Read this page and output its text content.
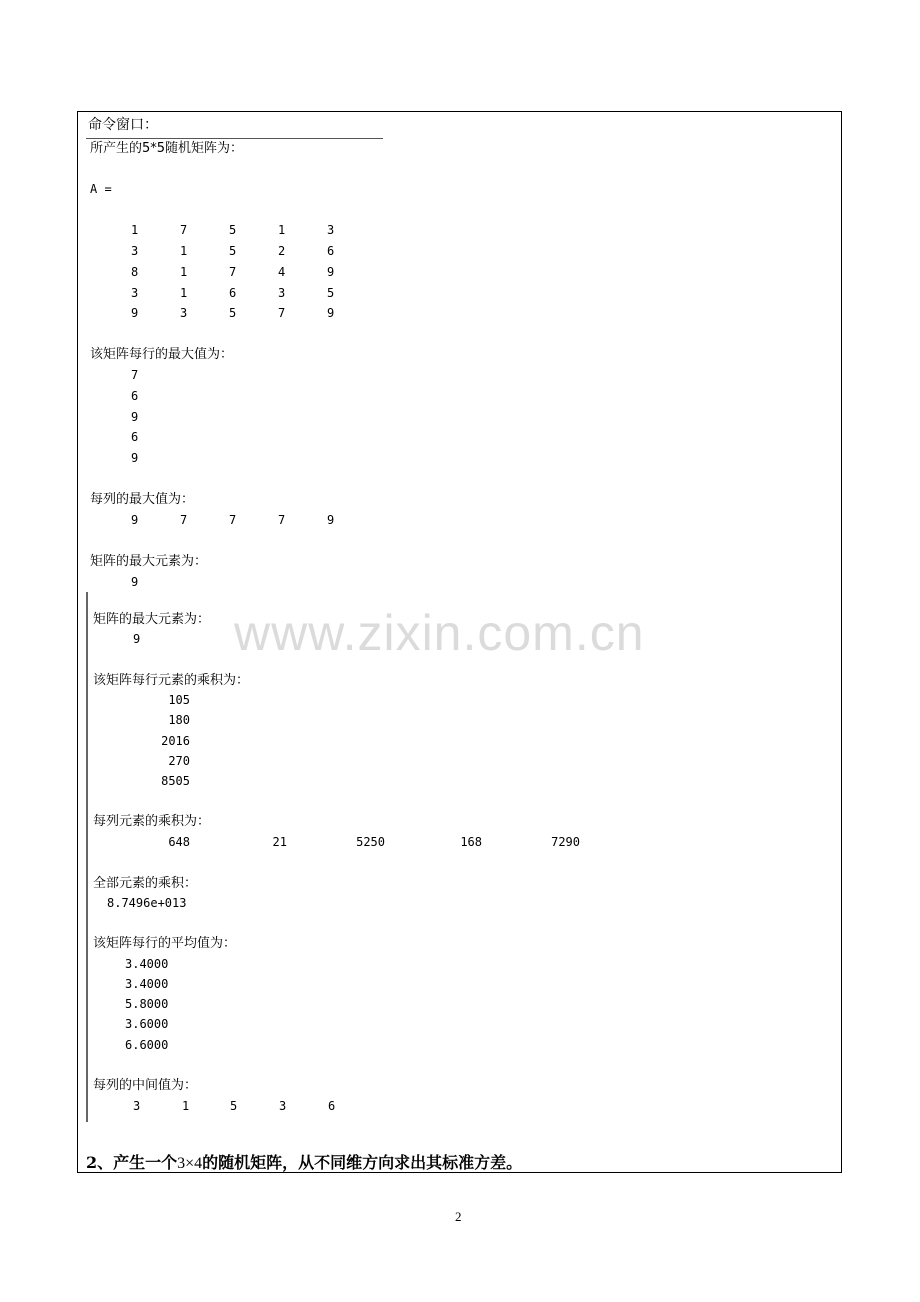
命令窗口：
所产生的5*5随机矩阵为：
A =
1	7	5	1	3
3	1	5	2	6
8	1	7	4	9
3	1	6	3	5
9	3	5	7	9
该矩阵每行的最大值为：
7
6
9
6
9
每列的最大值为：
9	7	7	7	9
矩阵的最大元素为：
9
矩阵的最大元素为：
9
该矩阵每行元素的乘积为：
105
180
2016
270
8505
每列元素的乘积为：
648	21	5250	168	7290
全部元素的乘积：
8.7496e+013
该矩阵每行的平均值为：
3.4000
3.4000
5.8000
3.6000
6.6000
每列的中间值为：
3	1	5	3	6
2、产生一个3×4的随机矩阵，从不同维方向求出其标准方差。
www.zixin.com.cn
2
